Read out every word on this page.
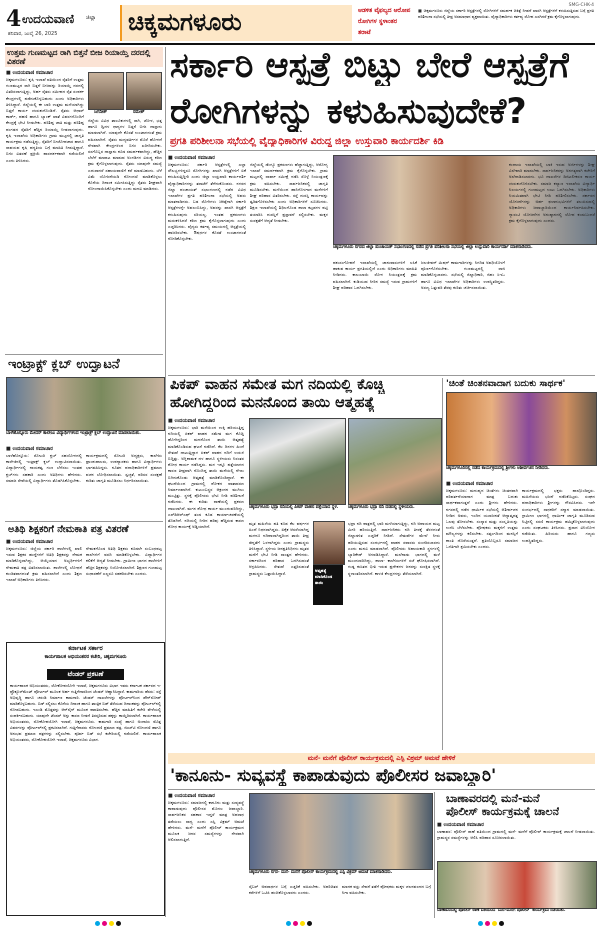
4 ಉದಯವಾಣಿ ಜಿಲ್ಲಾ
ಶನಿವಾರ, ಜುಲೈ 26, 2025	ಚಿಕ್ಕಮಗಳೂರು	ಆಡಳಿತ ವೈಫಲ್ಯದ ಆರೋಪ
ರೋಗಿಗಳ ಸ್ಥಳಾಂತರ
ತರಾಟೆ
■ ಚಿಕ್ಕಮಗಳೂರು ಜಿಲ್ಲೆಯ ಸರ್ಕಾರಿ ಆಸ್ಪತ್ರೆಗಳಲ್ಲಿ ರೋಗಿಗಳಿಗೆ ಸಮರ್ಪಕ ಚಿಕಿತ್ಸೆ ನೀಡದೆ ಖಾಸಗಿ ಆಸ್ಪತ್ರೆಗಳಿಗೆ ಕಳುಹಿಸುತ್ತಿರುವ ಬಗ್ಗೆ ಪ್ರಗತಿ ಪರಿಶೀಲನಾ ಸಭೆಯಲ್ಲಿ ತೀವ್ರ ಅಸಮಾಧಾನ ವ್ಯಕ್ತವಾಯಿತು. ವೈದ್ಯಾಧಿಕಾರಿಗಳು ಕರ್ತವ್ಯ ಲೋಪ ಎಸಗಿದರೆ ಕ್ರಮ ಕೈಗೊಳ್ಳಲಾಗುವುದು.
SMG-CHK-4
ಉತ್ತಮ ಗುಣಮಟ್ಟದ ರಾಗಿ ಬಿತ್ತನೆ ಬೀಜ ರಿಯಾಯ್ತಿ ದರದಲ್ಲಿ ವಿತರಣೆ
■ ಉದಯವಾಣಿ ಸಮಾಚಾರ
ಚಿಕ್ಕಮಗಳೂರು: ಕೃಷಿ ಇಲಾಖೆ ವತಿಯಿಂದ ರೈತರಿಗೆ ಉತ್ತಮ ಗುಣಮಟ್ಟದ ರಾಗಿ ಬಿತ್ತನೆ ಬೀಜವನ್ನು ರಿಯಾಯ್ತಿ ದರದಲ್ಲಿ ವಿತರಿಸಲಾಗುತ್ತಿದ್ದು, ಅರ್ಹ ರೈತರು ಸಮೀಪದ ರೈತ ಸಂಪರ್ಕ ಕೇಂದ್ರಗಳಲ್ಲಿ ಪಡೆದುಕೊಳ್ಳಬಹುದು ಎಂದು ಅಧಿಕಾರಿಗಳು ತಿಳಿಸಿದ್ದಾರೆ. ಜಿಲ್ಲೆಯಲ್ಲಿ ಈ ಬಾರಿ ಉತ್ತಮ ಮಳೆಯಾಗಿದ್ದು ಬಿತ್ತನೆ ಕಾರ್ಯ ಚುರುಕುಗೊಂಡಿದೆ. ರೈತರು ಆಧಾರ್ ಕಾರ್ಡ್, ಪಹಣಿ ಹಾಗೂ ಬ್ಯಾಂಕ್ ಖಾತೆ ವಿವರಗಳೊಂದಿಗೆ ಕೇಂದ್ರಕ್ಕೆ ಭೇಟಿ ನೀಡಬೇಕು. ಪರಿಶಿಷ್ಟ ಜಾತಿ ಮತ್ತು ಪರಿಶಿಷ್ಟ ಪಂಗಡದ ರೈತರಿಗೆ ಹೆಚ್ಚಿನ ರಿಯಾಯ್ತಿ ನೀಡಲಾಗುವುದು. ಕೃಷಿ ಇಲಾಖೆಯ ಅಧಿಕಾರಿಗಳು ಗ್ರಾಮ ಮಟ್ಟದಲ್ಲಿ ಜಾಗೃತಿ ಕಾರ್ಯಕ್ರಮ ನಡೆಸುತ್ತಿದ್ದು, ರೈತರಿಗೆ ಬೀಜೋಪಚಾರ ಹಾಗೂ ಸಾವಯವ ಕೃಷಿ ಪದ್ಧತಿಯ ಬಗ್ಗೆ ಮಾಹಿತಿ ನೀಡುತ್ತಿದ್ದಾರೆ. ಬೀಜ ವಿತರಣೆ ಪ್ರಕ್ರಿಯೆ ಪಾರದರ್ಶಕವಾಗಿ ನಡೆಯಲಿದೆ ಎಂದು ತಿಳಿಸಿದರು.
ಜಗದೀಶ್	ರಮೇಶ್
ಜಿಲ್ಲೆಯ ವಿವಿಧ ತಾಲೂಕುಗಳಲ್ಲಿ ರಾಗಿ, ಜೋಳ, ಭತ್ತ ಹಾಗೂ ದ್ವಿದಳ ಧಾನ್ಯಗಳ ಬಿತ್ತನೆ ಬೀಜ ದಾಸ್ತಾನು ಮಾಡಲಾಗಿದೆ. ಯಾವುದೇ ಕೊರತೆ ಉಂಟಾಗದಂತೆ ಕ್ರಮ ವಹಿಸಲಾಗಿದೆ. ರೈತರು ಮಧ್ಯವರ್ತಿಗಳ ಮೊರೆ ಹೋಗದೆ ನೇರವಾಗಿ ಕೇಂದ್ರಗಳಿಂದ ಬೀಜ ಖರೀದಿಸಬೇಕು. ರಸಗೊಬ್ಬರ ದಾಸ್ತಾನು ಕೂಡ ಸಮರ್ಪಕವಾಗಿದ್ದು, ಹೆಚ್ಚಿನ ಬೆಲೆಗೆ ಮಾರಾಟ ಮಾಡುವ ಅಂಗಡಿಗಳ ವಿರುದ್ಧ ಕಠಿಣ ಕ್ರಮ ಕೈಗೊಳ್ಳಲಾಗುವುದು. ರೈತರು ಯಾವುದೇ ಸಮಸ್ಯೆ ಎದುರಾದರೆ ಸಹಾಯವಾಣಿಗೆ ಕರೆ ಮಾಡಬಹುದು. ಬೆಳೆ ವಿಮೆ ಯೋಜನೆಯಡಿ ನೋಂದಣಿ ಮಾಡಿಕೊಳ್ಳಲು ಕೊನೆಯ ದಿನಾಂಕ ಸಮೀಪಿಸುತ್ತಿದ್ದು ರೈತರು ಶೀಘ್ರವಾಗಿ ನೋಂದಾಯಿಸಿಕೊಳ್ಳಬೇಕು ಎಂದು ಮನವಿ ಮಾಡಿದರು.
ಇಂಟ್ರಾಕ್ಟ್ ಕ್ಲಬ್ ಉದ್ಘಾಟನೆ
ಬಾಳೆಹೊನ್ನೂರು ಮೇದರ್ ಕಾಲೇಜು ವಿದ್ಯಾರ್ಥಿಗಳಿಂದ ಇಂಟ್ರಾಕ್ಟ್ ಕ್ಲಬ್ ಉದ್ಘಾಟನೆ ಮಾಡಲಾಯಿತು.
■ ಉದಯವಾಣಿ ಸಮಾಚಾರ
ಬಾಳೆಹೊನ್ನೂರು: ರೋಟರಿ ಕ್ಲಬ್ ಸಹಯೋಗದಲ್ಲಿ ಕಾಲೇಜಿನಲ್ಲಿ ಇಂಟ್ರಾಕ್ಟ್ ಕ್ಲಬ್ ಉದ್ಘಾಟಿಸಲಾಯಿತು. ವಿದ್ಯಾರ್ಥಿಗಳಲ್ಲಿ ನಾಯಕತ್ವ ಗುಣ ಬೆಳೆಸಲು ಇಂತಹ ಕ್ಲಬ್‌ಗಳು ಸಹಕಾರಿ ಎಂದು ಅತಿಥಿಗಳು ಹೇಳಿದರು. ಸಮಾಜ ಸೇವೆಯಲ್ಲಿ ವಿದ್ಯಾರ್ಥಿಗಳು ತೊಡಗಿಸಿಕೊಳ್ಳಬೇಕು.
ಕಾರ್ಯಕ್ರಮದಲ್ಲಿ ರೋಟರಿ ಅಧ್ಯಕ್ಷರು, ಕಾಲೇಜು ಪ್ರಾಂಶುಪಾಲರು, ಉಪನ್ಯಾಸಕರು ಹಾಗೂ ವಿದ್ಯಾರ್ಥಿಗಳು ಭಾಗವಹಿಸಿದ್ದರು. ನೂತನ ಪದಾಧಿಕಾರಿಗಳಿಗೆ ಪ್ರಮಾಣ ವಚನ ಬೋಧಿಸಲಾಯಿತು. ಸ್ವಚ್ಛತೆ, ಪರಿಸರ ಸಂರಕ್ಷಣೆ ಕುರಿತು ಜಾಗೃತಿ ಮೂಡಿಸಲು ನಿರ್ಧರಿಸಲಾಯಿತು.
ಅತಿಥಿ ಶಿಕ್ಷಕರಿಗೆ ನೇಮಕಾತಿ ಪತ್ರ ವಿತರಣೆ
■ ಉದಯವಾಣಿ ಸಮಾಚಾರ
ಚಿಕ್ಕಮಗಳೂರು: ಜಿಲ್ಲೆಯ ಸರ್ಕಾರಿ ಶಾಲೆಗಳಲ್ಲಿ ಖಾಲಿ ಇರುವ ಶಿಕ್ಷಕರ ಹುದ್ದೆಗಳಿಗೆ ಅತಿಥಿ ಶಿಕ್ಷಕರನ್ನು ನೇಮಕ ಮಾಡಿಕೊಳ್ಳಲಾಗಿದ್ದು, ಆಯ್ಕೆಯಾದ ಅಭ್ಯರ್ಥಿಗಳಿಗೆ ನೇಮಕಾತಿ ಪತ್ರ ವಿತರಿಸಲಾಯಿತು. ಶಾಲೆಗಳಲ್ಲಿ ಬೋಧನೆ ಕುಂಠಿತವಾಗದಂತೆ ಕ್ರಮ ವಹಿಸಲಾಗಿದೆ ಎಂದು ಶಿಕ್ಷಣ ಇಲಾಖೆ ಅಧಿಕಾರಿಗಳು ತಿಳಿಸಿದರು.
ನೇಮಕಗೊಂಡ ಅತಿಥಿ ಶಿಕ್ಷಕರು ಕೂಡಲೇ ಸಂಬಂಧಪಟ್ಟ ಶಾಲೆಗಳಿಗೆ ವರದಿ ಮಾಡಿಕೊಳ್ಳಬೇಕು. ವಿದ್ಯಾರ್ಥಿಗಳ ಕಲಿಕೆಗೆ ಆದ್ಯತೆ ನೀಡಬೇಕು. ಗ್ರಾಮೀಣ ಭಾಗದ ಶಾಲೆಗಳಿಗೆ ಹೆಚ್ಚಿನ ಶಿಕ್ಷಕರನ್ನು ನಿಯೋಜಿಸಲಾಗಿದೆ. ಶಿಕ್ಷಣದ ಗುಣಮಟ್ಟ ಸುಧಾರಣೆಗೆ ಎಲ್ಲರೂ ಸಹಕರಿಸಬೇಕು ಎಂದರು.
ಕರ್ನಾಟಕ ಸರ್ಕಾರ
ಕಾರ್ಯಪಾಲಕ ಅಭಿಯಂತರರ ಕಚೇರಿ, ಚಿಕ್ಕಮಗಳೂರು
ಟೆಂಡರ್ ಪ್ರಕಟಣೆ
ಕಾರ್ಯಪಾಲಕ ಅಭಿಯಂತರರು, ಲೋಕೋಪಯೋಗಿ ಇಲಾಖೆ, ಚಿಕ್ಕಮಗಳೂರು ವಿಭಾಗ ಇವರು ಕರ್ನಾಟಕ ಸರ್ಕಾರದ ಇ-ಪ್ರೊಕ್ಯೂರ್‌ಮೆಂಟ್ ಪೋರ್ಟಲ್ ಮೂಲಕ ಅರ್ಹ ಗುತ್ತಿಗೆದಾರರಿಂದ ಟೆಂಡರ್ ಆಹ್ವಾನಿಸಿದ್ದಾರೆ. ಕಾಮಗಾರಿಯ ಹೆಸರು: ರಸ್ತೆ ಅಭಿವೃದ್ಧಿ ಹಾಗೂ ಚರಂಡಿ ನಿರ್ಮಾಣ ಕಾಮಗಾರಿ. ಟೆಂಡರ್ ದಾಖಲೆಗಳನ್ನು ಪೋರ್ಟಲ್‌ನಿಂದ ಡೌನ್‌ಲೋಡ್ ಮಾಡಿಕೊಳ್ಳಬಹುದು. ಬಿಡ್ ಸಲ್ಲಿಸಲು ಕೊನೆಯ ದಿನಾಂಕ ಹಾಗೂ ತಾಂತ್ರಿಕ ಬಿಡ್ ತೆರೆಯುವ ದಿನಾಂಕವನ್ನು ಪೋರ್ಟಲ್‌ನಲ್ಲಿ ನೋಡಬಹುದು. ಇಎಂಡಿ ಮೊತ್ತವನ್ನು ಆನ್‌ಲೈನ್ ಮೂಲಕ ಪಾವತಿಸಬೇಕು. ಹೆಚ್ಚಿನ ಮಾಹಿತಿಗೆ ಕಚೇರಿ ವೇಳೆಯಲ್ಲಿ ಸಂಪರ್ಕಿಸಬಹುದು. ಯಾವುದೇ ಟೆಂಡರ್ ಅನ್ನು ಕಾರಣ ನೀಡದೆ ತಿರಸ್ಕರಿಸುವ ಹಕ್ಕನ್ನು ಕಾಯ್ದಿರಿಸಲಾಗಿದೆ. ಕಾರ್ಯಪಾಲಕ ಅಭಿಯಂತರರು, ಲೋಕೋಪಯೋಗಿ ಇಲಾಖೆ, ಚಿಕ್ಕಮಗಳೂರು. ಕಾಮಗಾರಿ ಸಂಖ್ಯೆ ಹಾಗೂ ಅಂದಾಜು ಮೊತ್ತ ವಿವರಗಳನ್ನು ಪೋರ್ಟಲ್‌ನಲ್ಲಿ ಪ್ರಕಟಿಸಲಾಗಿದೆ. ಗುತ್ತಿಗೆದಾರರು ನೋಂದಣಿ ಪ್ರಮಾಣ ಪತ್ರ, ಜಿಎಸ್‌ಟಿ ನೋಂದಣಿ ಹಾಗೂ ಅನುಭವ ಪ್ರಮಾಣ ಪತ್ರಗಳನ್ನು ಸಲ್ಲಿಸಬೇಕು. ಪೂರ್ವ ಬಿಡ್ ಸಭೆ ಕಚೇರಿಯಲ್ಲಿ ನಡೆಯಲಿದೆ. ಕಾರ್ಯಪಾಲಕ ಅಭಿಯಂತರರು, ಲೋಕೋಪಯೋಗಿ ಇಲಾಖೆ, ಚಿಕ್ಕಮಗಳೂರು ವಿಭಾಗ.
ಸರ್ಕಾರಿ ಆಸ್ಪತ್ರೆ ಬಿಟ್ಟು ಬೇರೆ ಆಸ್ಪತ್ರೆಗೆ
ರೋಗಿಗಳನ್ನು ಕಳುಹಿಸುವುದೇಕೆ?
ಪ್ರಗತಿ ಪರಿಶೀಲನಾ ಸಭೆಯಲ್ಲಿ ವೈದ್ಯಾಧಿಕಾರಿಗಳ ವಿರುದ್ಧ ಜಿಲ್ಲಾ ಉಸ್ತುವಾರಿ ಕಾರ್ಯದರ್ಶಿ ಕಿಡಿ
■ ಉದಯವಾಣಿ ಸಮಾಚಾರ
ಚಿಕ್ಕಮಗಳೂರು: ಸರ್ಕಾರಿ ಆಸ್ಪತ್ರೆಗಳಲ್ಲಿ ಎಲ್ಲಾ ಸೌಲಭ್ಯಗಳಿದ್ದರೂ ರೋಗಿಗಳನ್ನು ಖಾಸಗಿ ಆಸ್ಪತ್ರೆಗಳಿಗೆ ಏಕೆ ಕಳುಹಿಸುತ್ತಿದ್ದೀರಿ ಎಂದು ಜಿಲ್ಲಾ ಉಸ್ತುವಾರಿ ಕಾರ್ಯದರ್ಶಿ ವೈದ್ಯಾಧಿಕಾರಿಗಳನ್ನು ತರಾಟೆಗೆ ತೆಗೆದುಕೊಂಡರು. ನಗರದ ಜಿಲ್ಲಾ ಪಂಚಾಯತ್ ಸಭಾಂಗಣದಲ್ಲಿ ನಡೆದ ವಿವಿಧ ಇಲಾಖೆಗಳ ಪ್ರಗತಿ ಪರಿಶೀಲನಾ ಸಭೆಯಲ್ಲಿ ಅವರು ಮಾತನಾಡಿದರು. ಬಡ ರೋಗಿಗಳು ಚಿಕಿತ್ಸೆಗಾಗಿ ಸರ್ಕಾರಿ ಆಸ್ಪತ್ರೆಗಳನ್ನೇ ಅವಲಂಬಿಸಿದ್ದು, ಅವರನ್ನು ಖಾಸಗಿ ಆಸ್ಪತ್ರೆಗೆ ಕಳುಹಿಸುವುದು ಸರಿಯಲ್ಲ. ಇಂತಹ ಪ್ರಕರಣಗಳು ಮರುಕಳಿಸಿದರೆ ಕಠಿಣ ಕ್ರಮ ಕೈಗೊಳ್ಳಲಾಗುವುದು ಎಂದು ಎಚ್ಚರಿಸಿದರು. ವೈದ್ಯರು ಕರ್ತವ್ಯ ಸಮಯದಲ್ಲಿ ಆಸ್ಪತ್ರೆಯಲ್ಲಿ ಹಾಜರಿರಬೇಕು. ಔಷಧಗಳ ಕೊರತೆ ಉಂಟಾಗದಂತೆ ನೋಡಿಕೊಳ್ಳಬೇಕು.
ಜಿಲ್ಲೆಯಲ್ಲಿ ಡೆಂಗ್ಯೂ ಪ್ರಕರಣಗಳು ಹೆಚ್ಚಾಗುತ್ತಿದ್ದು, ಆರೋಗ್ಯ ಇಲಾಖೆ ಸಮರ್ಪಕವಾಗಿ ಕ್ರಮ ಕೈಗೊಳ್ಳಬೇಕು. ಗ್ರಾಮ ಮಟ್ಟದಲ್ಲಿ ಲಾರ್ವಾ ಸಮೀಕ್ಷೆ ನಡೆಸಿ ಸೊಳ್ಳೆ ನಿಯಂತ್ರಣಕ್ಕೆ ಕ್ರಮ ವಹಿಸಬೇಕು. ಸಾರ್ವಜನಿಕರಲ್ಲಿ ಜಾಗೃತಿ ಮೂಡಿಸಬೇಕು. ಮಳೆಯಿಂದ ಹಾನಿಗೊಳಗಾದ ಮನೆಗಳಿಗೆ ಶೀಘ್ರ ಪರಿಹಾರ ವಿತರಿಸಬೇಕು. ರಸ್ತೆ ದುರಸ್ತಿ ಕಾರ್ಯವನ್ನು ತ್ವರಿತಗೊಳಿಸಬೇಕು ಎಂದು ಅಧಿಕಾರಿಗಳಿಗೆ ಸೂಚಿಸಿದರು. ಶಿಕ್ಷಣ ಇಲಾಖೆಯಲ್ಲಿ ಶಿಥಿಲಗೊಂಡ ಶಾಲಾ ಕಟ್ಟಡಗಳ ಪಟ್ಟಿ ತಯಾರಿಸಿ ದುರಸ್ತಿಗೆ ಪ್ರಸ್ತಾವನೆ ಸಲ್ಲಿಸಬೇಕು. ಮಕ್ಕಳ ಸುರಕ್ಷತೆಗೆ ಆದ್ಯತೆ ನೀಡಬೇಕು.
ಚಿಕ್ಕಮಗಳೂರು ನಗರದ ಜಿಲ್ಲಾ ಪಂಚಾಯತ್ ಸಭಾಂಗಣದಲ್ಲಿ ನಡೆದ ಪ್ರಗತಿ ಪರಿಶೀಲನಾ ಸಭೆಯಲ್ಲಿ ಜಿಲ್ಲಾ ಉಸ್ತುವಾರಿ ಕಾರ್ಯದರ್ಶಿ ಮಾತನಾಡಿದರು.
ಪಶುಸಂಗೋಪನೆ ಇಲಾಖೆಯಲ್ಲಿ ಜಾನುವಾರುಗಳಿಗೆ ಲಸಿಕೆ ಹಾಕುವ ಕಾರ್ಯ ಪ್ರಗತಿಯಲ್ಲಿದೆ ಎಂದು ಅಧಿಕಾರಿಗಳು ಮಾಹಿತಿ ನೀಡಿದರು. ಕಾಲುಬಾಯಿ ರೋಗ ನಿಯಂತ್ರಣಕ್ಕೆ ಕ್ರಮ ವಹಿಸಲಾಗಿದೆ. ಕುಡಿಯುವ ನೀರಿನ ಸಮಸ್ಯೆ ಇರುವ ಗ್ರಾಮಗಳಿಗೆ ಶೀಘ್ರ ಪರಿಹಾರ ಒದಗಿಸಬೇಕು.
ಜಲಜೀವನ್ ಮಿಷನ್ ಕಾಮಗಾರಿಗಳನ್ನು ನಿಗದಿತ ಅವಧಿಯೊಳಗೆ ಪೂರ್ಣಗೊಳಿಸಬೇಕು. ಗುಣಮಟ್ಟದಲ್ಲಿ ರಾಜಿ ಮಾಡಿಕೊಳ್ಳಬಾರದು. ಸಭೆಯಲ್ಲಿ ಜಿಲ್ಲಾಧಿಕಾರಿ, ಜಿಪಂ ಸಿಇಒ ಹಾಗೂ ವಿವಿಧ ಇಲಾಖೆಗಳ ಅಧಿಕಾರಿಗಳು ಉಪಸ್ಥಿತರಿದ್ದರು. ಅರಣ್ಯ ಒತ್ತುವರಿ ತೆರವು ಕುರಿತು ಚರ್ಚಿಸಲಾಯಿತು.
ಕಂದಾಯ ಇಲಾಖೆಯಲ್ಲಿ ಬಾಕಿ ಇರುವ ಅರ್ಜಿಗಳನ್ನು ಶೀಘ್ರ ವಿಲೇವಾರಿ ಮಾಡಬೇಕು. ಸಾರ್ವಜನಿಕರನ್ನು ಅನಗತ್ಯವಾಗಿ ಕಚೇರಿಗೆ ಅಲೆದಾಡಿಸಬಾರದು. ಭೂ ದಾಖಲೆಗಳ ಡಿಜಿಟಲೀಕರಣ ಕಾರ್ಯ ಚುರುಕುಗೊಳಿಸಬೇಕು. ಸಮಾಜ ಕಲ್ಯಾಣ ಇಲಾಖೆಯ ವಿದ್ಯಾರ್ಥಿ ನಿಲಯಗಳಲ್ಲಿ ಗುಣಮಟ್ಟದ ಊಟ ಒದಗಿಸಬೇಕು. ಅಧಿಕಾರಿಗಳು ನಿಯಮಿತವಾಗಿ ಭೇಟಿ ನೀಡಿ ಪರಿಶೀಲಿಸಬೇಕು. ಸರ್ಕಾರದ ಯೋಜನೆಗಳನ್ನು ಅರ್ಹ ಫಲಾನುಭವಿಗಳಿಗೆ ತಲುಪಿಸುವಲ್ಲಿ ಅಧಿಕಾರಿಗಳು ಜವಾಬ್ದಾರಿಯಿಂದ ಕಾರ್ಯನಿರ್ವಹಿಸಬೇಕು. ಗ್ಯಾರಂಟಿ ಯೋಜನೆಗಳ ಅನುಷ್ಠಾನದಲ್ಲಿ ಲೋಪ ಕಂಡುಬಂದರೆ ಕ್ರಮ ಕೈಗೊಳ್ಳಲಾಗುವುದು ಎಂದರು.
ಪಿಕಪ್ ವಾಹನ ಸಮೇತ ಮಗ ನದಿಯಲ್ಲಿ ಕೊಚ್ಚಿ
ಹೋಗಿದ್ದರಿಂದ ಮನನೊಂದ ತಾಯಿ ಆತ್ಮಹತ್ಯೆ
■ ಉದಯವಾಣಿ ಸಮಾಚಾರ
ಚಿಕ್ಕಮಗಳೂರು: ಭಾರಿ ಮಳೆಯಿಂದ ಉಕ್ಕಿ ಹರಿಯುತ್ತಿದ್ದ ನದಿಯಲ್ಲಿ ಪಿಕಪ್ ವಾಹನ ಸಮೇತ ಮಗ ಕೊಚ್ಚಿ ಹೋಗಿದ್ದರಿಂದ ಮನನೊಂದ ತಾಯಿ ಆತ್ಮಹತ್ಯೆ ಮಾಡಿಕೊಂಡಿರುವ ಘಟನೆ ನಡೆದಿದೆ. ಕೆಲ ದಿನಗಳ ಹಿಂದೆ ಸೇತುವೆ ದಾಟುತ್ತಿದ್ದಾಗ ಪಿಕಪ್ ವಾಹನ ನದಿಗೆ ಉರುಳಿ ಬಿದ್ದಿತ್ತು. ಅಗ್ನಿಶಾಮಕ ದಳ ಹಾಗೂ ಸ್ಥಳೀಯರು ನಿರಂತರ ಶೋಧ ಕಾರ್ಯ ನಡೆಸಿದ್ದರು. ಮಗ ಇನ್ನೂ ಪತ್ತೆಯಾಗದ ಕಾರಣ ತೀವ್ರವಾಗಿ ನೊಂದಿದ್ದ ತಾಯಿ ಮನೆಯಲ್ಲಿ ನೇಣು ಬಿಗಿದುಕೊಂಡು ಆತ್ಮಹತ್ಯೆ ಮಾಡಿಕೊಂಡಿದ್ದಾರೆ. ಈ ಘಟನೆಯಿಂದ ಗ್ರಾಮದಲ್ಲಿ ಶೋಕದ ವಾತಾವರಣ ನಿರ್ಮಾಣವಾಗಿದೆ. ಕುಟುಂಬಸ್ಥರ ಆಕ್ರಂದನ ಮುಗಿಲು ಮುಟ್ಟಿತ್ತು. ಸ್ಥಳಕ್ಕೆ ಪೊಲೀಸರು ಭೇಟಿ ನೀಡಿ ಪರಿಶೀಲನೆ ನಡೆಸಿದರು. ಈ ಕುರಿತು ಠಾಣೆಯಲ್ಲಿ ಪ್ರಕರಣ ದಾಖಲಾಗಿದೆ. ಮಗನ ಶೋಧ ಕಾರ್ಯ ಮುಂದುವರಿದಿದ್ದು, ಎಸ್‌ಡಿಆರ್‌ಎಫ್ ತಂಡ ಕೂಡ ಕಾರ್ಯಾಚರಣೆಯಲ್ಲಿ ತೊಡಗಿದೆ. ನದಿಯಲ್ಲಿ ನೀರಿನ ಹರಿವು ಹೆಚ್ಚಿರುವ ಕಾರಣ ಶೋಧ ಕಾರ್ಯಕ್ಕೆ ಅಡ್ಡಿಯಾಗಿದೆ.
ಚಿಕ್ಕಮಗಳೂರು ಭದ್ರಾ ನದಿಯಲ್ಲಿ ಪಿಕಪ್ ವಾಹನ ಪತ್ತೆಯಾದ ಸ್ಥಳ.	ಚಿಕ್ಕಮಗಳೂರು ಭದ್ರಾ ನದಿ ದಡದಲ್ಲಿ ಸ್ಥಳೀಯರು.
ಮೃತ ಮಹಿಳೆಯ ಪತಿ ಕೂಡ ಕೆಲ ವರ್ಷಗಳ ಹಿಂದೆ ನಿಧನರಾಗಿದ್ದರು. ಏಕೈಕ ಆಸರೆಯಾಗಿದ್ದ ಮಗನೂ ನದಿಪಾಲಾಗಿದ್ದರಿಂದ ತಾಯಿ ತೀವ್ರ ಖಿನ್ನತೆಗೆ ಒಳಗಾಗಿದ್ದರು ಎಂದು ಗ್ರಾಮಸ್ಥರು ತಿಳಿಸಿದ್ದಾರೆ. ಸ್ಥಳೀಯ ಜನಪ್ರತಿನಿಧಿಗಳು ಮೃತರ ಮನೆಗೆ ಭೇಟಿ ನೀಡಿ ಸಾಂತ್ವನ ಹೇಳಿದರು. ಸರ್ಕಾರದಿಂದ ಪರಿಹಾರ ಒದಗಿಸುವಂತೆ ಆಗ್ರಹಿಸಿದರು. ಸೇತುವೆ ಎತ್ತರಿಸುವಂತೆ ಗ್ರಾಮಸ್ಥರು ಒತ್ತಾಯಿಸಿದ್ದಾರೆ.
ಆತ್ಮಹತ್ಯೆ ಮಾಡಿಕೊಂಡ ತಾಯಿ
ಭದ್ರಾ ನದಿ ಪಾತ್ರದಲ್ಲಿ ಭಾರಿ ಮಳೆಯಾಗುತ್ತಿದ್ದು, ನದಿ ಅಪಾಯದ ಮಟ್ಟ ಮೀರಿ ಹರಿಯುತ್ತಿದೆ. ಸಾರ್ವಜನಿಕರು ನದಿ ತೀರಕ್ಕೆ ತೆರಳದಂತೆ ಜಿಲ್ಲಾಡಳಿತ ಎಚ್ಚರಿಕೆ ನೀಡಿದೆ. ಸೇತುವೆಗಳ ಮೇಲೆ ನೀರು ಹರಿಯುತ್ತಿರುವ ಸಂದರ್ಭದಲ್ಲಿ ವಾಹನ ಸವಾರರು ಸಂಚರಿಸಬಾರದು ಎಂದು ಮನವಿ ಮಾಡಲಾಗಿದೆ. ಪೊಲೀಸರು ಅಪಾಯಕಾರಿ ಸ್ಥಳಗಳಲ್ಲಿ ಬ್ಯಾರಿಕೇಡ್ ಅಳವಡಿಸಿದ್ದಾರೆ. ಮಲೆನಾಡು ಭಾಗದಲ್ಲಿ ಮಳೆ ಮುಂದುವರಿದಿದ್ದು, ಶಾಲಾ- ಕಾಲೇಜುಗಳಿಗೆ ರಜೆ ಘೋಷಿಸಲಾಗಿದೆ. ಗುಡ್ಡ ಕುಸಿತದ ಭೀತಿ ಇರುವ ಪ್ರದೇಶಗಳ ಜನರನ್ನು ಸುರಕ್ಷಿತ ಸ್ಥಳಕ್ಕೆ ಸ್ಥಳಾಂತರಿಸಲಾಗಿದೆ. ಕಾಳಜಿ ಕೇಂದ್ರಗಳನ್ನು ತೆರೆಯಲಾಗಿದೆ.
'ಚಿಂತೆ ಚಿಂತನವಾದಾಗ ಬದುಕು ಸಾರ್ಥಕ'
ಚಿಕ್ಕಮಗಳೂರಿನಲ್ಲಿ ನಡೆದ ಕಾರ್ಯಕ್ರಮದಲ್ಲಿ ಶ್ರೀಗಳು ಆಶೀರ್ವಚನ ನೀಡಿದರು.
■ ಉದಯವಾಣಿ ಸಮಾಚಾರ
ಚಿಕ್ಕಮಗಳೂರು: ಮನುಷ್ಯನ ಚಿಂತೆಗಳು ಚಿಂತನವಾಗಿ ಪರಿವರ್ತನೆಯಾದಾಗ ಮಾತ್ರ ಬದುಕು ಸಾರ್ಥಕವಾಗುತ್ತದೆ ಎಂದು ಶ್ರೀಗಳು ಹೇಳಿದರು. ನಗರದಲ್ಲಿ ನಡೆದ ಧಾರ್ಮಿಕ ಸಭೆಯಲ್ಲಿ ಆಶೀರ್ವಚನ ನೀಡಿದ ಅವರು, ಇಂದಿನ ಯುವಜನತೆ ಆಧ್ಯಾತ್ಮದತ್ತ ಒಲವು ತೋರಬೇಕು. ಸಂಸ್ಕಾರ ಮತ್ತು ಸಂಸ್ಕೃತಿಯನ್ನು ಉಳಿಸಿ ಬೆಳೆಸಬೇಕು. ಪೋಷಕರು ಮಕ್ಕಳಿಗೆ ಉತ್ತಮ ಮೌಲ್ಯಗಳನ್ನು ಕಲಿಸಬೇಕು. ಸತ್ಸಂಗದಿಂದ ಮನಸ್ಸಿಗೆ ಶಾಂತಿ ದೊರೆಯುತ್ತದೆ. ಪ್ರತಿಯೊಬ್ಬರೂ ಸಮಾಜದ ಒಳಿತಿಗಾಗಿ ಶ್ರಮಿಸಬೇಕು ಎಂದರು.
ಕಾರ್ಯಕ್ರಮದಲ್ಲಿ ಭಕ್ತರು ಪಾಲ್ಗೊಂಡಿದ್ದರು. ಮಹಿಳೆಯರು ಭಜನೆ ನಡೆಸಿಕೊಟ್ಟರು. ಸಂಘದ ಪದಾಧಿಕಾರಿಗಳು ಶ್ರೀಗಳನ್ನು ಗೌರವಿಸಿದರು. ಇದೇ ಸಂದರ್ಭದಲ್ಲಿ ಸಾಧಕರಿಗೆ ಸನ್ಮಾನ ಮಾಡಲಾಯಿತು. ಗ್ರಾಮೀಣ ಭಾಗದಲ್ಲಿ ಧಾರ್ಮಿಕ ಜಾಗೃತಿ ಮೂಡಿಸುವ ನಿಟ್ಟಿನಲ್ಲಿ ಸರಣಿ ಕಾರ್ಯಕ್ರಮ ಹಮ್ಮಿಕೊಳ್ಳಲಾಗುವುದು ಎಂದು ಸಂಘಟಕರು ತಿಳಿಸಿದರು. ಪ್ರಸಾದ ವಿನಿಯೋಗ ನಡೆಯಿತು. ಹಿರಿಯರು ಹಾಗೂ ಗಣ್ಯರು ಉಪಸ್ಥಿತರಿದ್ದರು.
ಮನೆ- ಮನೆಗೆ ಪೊಲೀಸ್ ಕಾರ್ಯಕ್ರಮದಲ್ಲಿ ಎಸ್ಪಿ ವಿಕ್ರಮ್ ಅಮಟೆ ಹೇಳಿಕೆ
'ಕಾನೂನು- ಸುವ್ಯವಸ್ಥೆ ಕಾಪಾಡುವುದು ಪೊಲೀಸರ ಜವಾಬ್ದಾರಿ'
■ ಉದಯವಾಣಿ ಸಮಾಚಾರ
ಚಿಕ್ಕಮಗಳೂರು: ಸಮಾಜದಲ್ಲಿ ಕಾನೂನು ಮತ್ತು ಸುವ್ಯವಸ್ಥೆ ಕಾಪಾಡುವುದು ಪೊಲೀಸರ ಮೊದಲ ಜವಾಬ್ದಾರಿ. ಸಾರ್ವಜನಿಕರ ಸಹಕಾರ ಇದ್ದರೆ ಮಾತ್ರ ಅಪರಾಧ ತಡೆಯಲು ಸಾಧ್ಯ ಎಂದು ಎಸ್ಪಿ ವಿಕ್ರಮ್ ಅಮಟೆ ಹೇಳಿದರು. ಮನೆ- ಮನೆಗೆ ಪೊಲೀಸ್ ಕಾರ್ಯಕ್ರಮದ ಮೂಲಕ ಜನರ ಸಮಸ್ಯೆಗಳನ್ನು ನೇರವಾಗಿ ಆಲಿಸಲಾಗುತ್ತಿದೆ.
ಚಿಕ್ಕಮಗಳೂರು ನಗರ- ಮನೆ- ಮನೆಗೆ ಪೊಲೀಸ್ ಕಾರ್ಯಕ್ರಮದಲ್ಲಿ ಎಸ್ಪಿ ವಿಕ್ರಮ್ ಅಮಟೆ ಮಾತನಾಡಿದರು.
ಸೈಬರ್ ಅಪರಾಧಗಳ ಬಗ್ಗೆ ಎಚ್ಚರಿಕೆ ವಹಿಸಬೇಕು. ಅಪರಿಚಿತರ ಕರೆಗಳಿಗೆ ಒಟಿಪಿ ಹಂಚಿಕೊಳ್ಳಬಾರದು ಎಂದರು.
ಮಾದಕ ವಸ್ತು ಸೇವನೆ ತಡೆಗೆ ಪೋಷಕರು ಮಕ್ಕಳ ಚಲನವಲನದ ಬಗ್ಗೆ ನಿಗಾ ವಹಿಸಬೇಕು.
ಬಾಣಾವರದಲ್ಲಿ ಮನೆ-ಮನೆ
ಪೊಲೀಸ್ ಕಾರ್ಯಕ್ರಮಕ್ಕೆ ಚಾಲನೆ
■ ಉದಯವಾಣಿ ಸಮಾಚಾರ
ಬಾಣಾವರ: ಪೊಲೀಸ್ ಠಾಣೆ ವತಿಯಿಂದ ಗ್ರಾಮದಲ್ಲಿ ಮನೆ- ಮನೆಗೆ ಪೊಲೀಸ್ ಕಾರ್ಯಕ್ರಮಕ್ಕೆ ಚಾಲನೆ ನೀಡಲಾಯಿತು. ಗ್ರಾಮಸ್ಥರ ಸಮಸ್ಯೆಗಳನ್ನು ಆಲಿಸಿ ಪರಿಹಾರ ಸೂಚಿಸಲಾಯಿತು.
ಬಾಣಾವರದಲ್ಲಿ ಪೊಲೀಸ್ ಠಾಣೆ ವತಿಯಿಂದ 'ಮನೆ-ಮನೆಗೆ ಪೊಲೀಸ್' ಕಾರ್ಯಕ್ರಮ ನಡೆಯಿತು.
